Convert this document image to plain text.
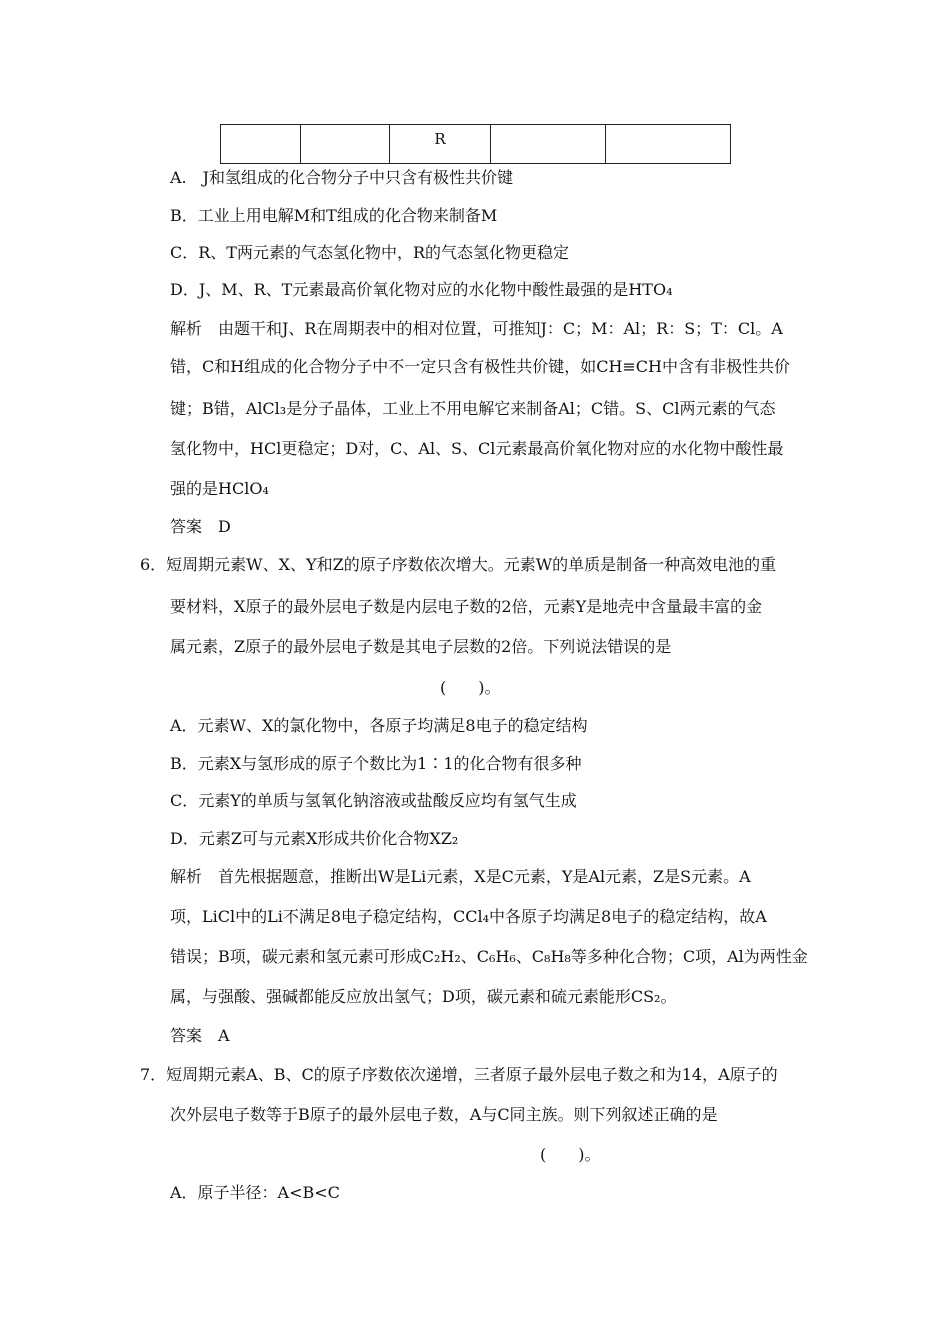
		R		
A.　J和氢组成的化合物分子中只含有极性共价键
B．工业上用电解M和T组成的化合物来制备M
C．R、T两元素的气态氢化物中，R的气态氢化物更稳定
D．J、M、R、T元素最高价氧化物对应的水化物中酸性最强的是HTO₄
解析　由题干和J、R在周期表中的相对位置，可推知J：C；M：Al；R：S；T：Cl。A
错，C和H组成的化合物分子中不一定只含有极性共价键，如CH≡CH中含有非极性共价
键；B错，AlCl₃是分子晶体，工业上不用电解它来制备Al；C错。S、Cl两元素的气态
氢化物中，HCl更稳定；D对，C、Al、S、Cl元素最高价氧化物对应的水化物中酸性最
强的是HClO₄
答案　D
6．短周期元素W、X、Y和Z的原子序数依次增大。元素W的单质是制备一种高效电池的重
要材料，X原子的最外层电子数是内层电子数的2倍，元素Y是地壳中含量最丰富的金
属元素，Z原子的最外层电子数是其电子层数的2倍。下列说法错误的是
(　　)。
A．元素W、X的氯化物中，各原子均满足8电子的稳定结构
B．元素X与氢形成的原子个数比为1∶1的化合物有很多种
C．元素Y的单质与氢氧化钠溶液或盐酸反应均有氢气生成
D．元素Z可与元素X形成共价化合物XZ₂
解析　首先根据题意，推断出W是Li元素，X是C元素，Y是Al元素，Z是S元素。A
项，LiCl中的Li不满足8电子稳定结构，CCl₄中各原子均满足8电子的稳定结构，故A
错误；B项，碳元素和氢元素可形成C₂H₂、C₆H₆、C₈H₈等多种化合物；C项，Al为两性金
属，与强酸、强碱都能反应放出氢气；D项，碳元素和硫元素能形CS₂。
答案　A
7．短周期元素A、B、C的原子序数依次递增，三者原子最外层电子数之和为14，A原子的
次外层电子数等于B原子的最外层电子数，A与C同主族。则下列叙述正确的是
(　　)。
A．原子半径：A<B<C
